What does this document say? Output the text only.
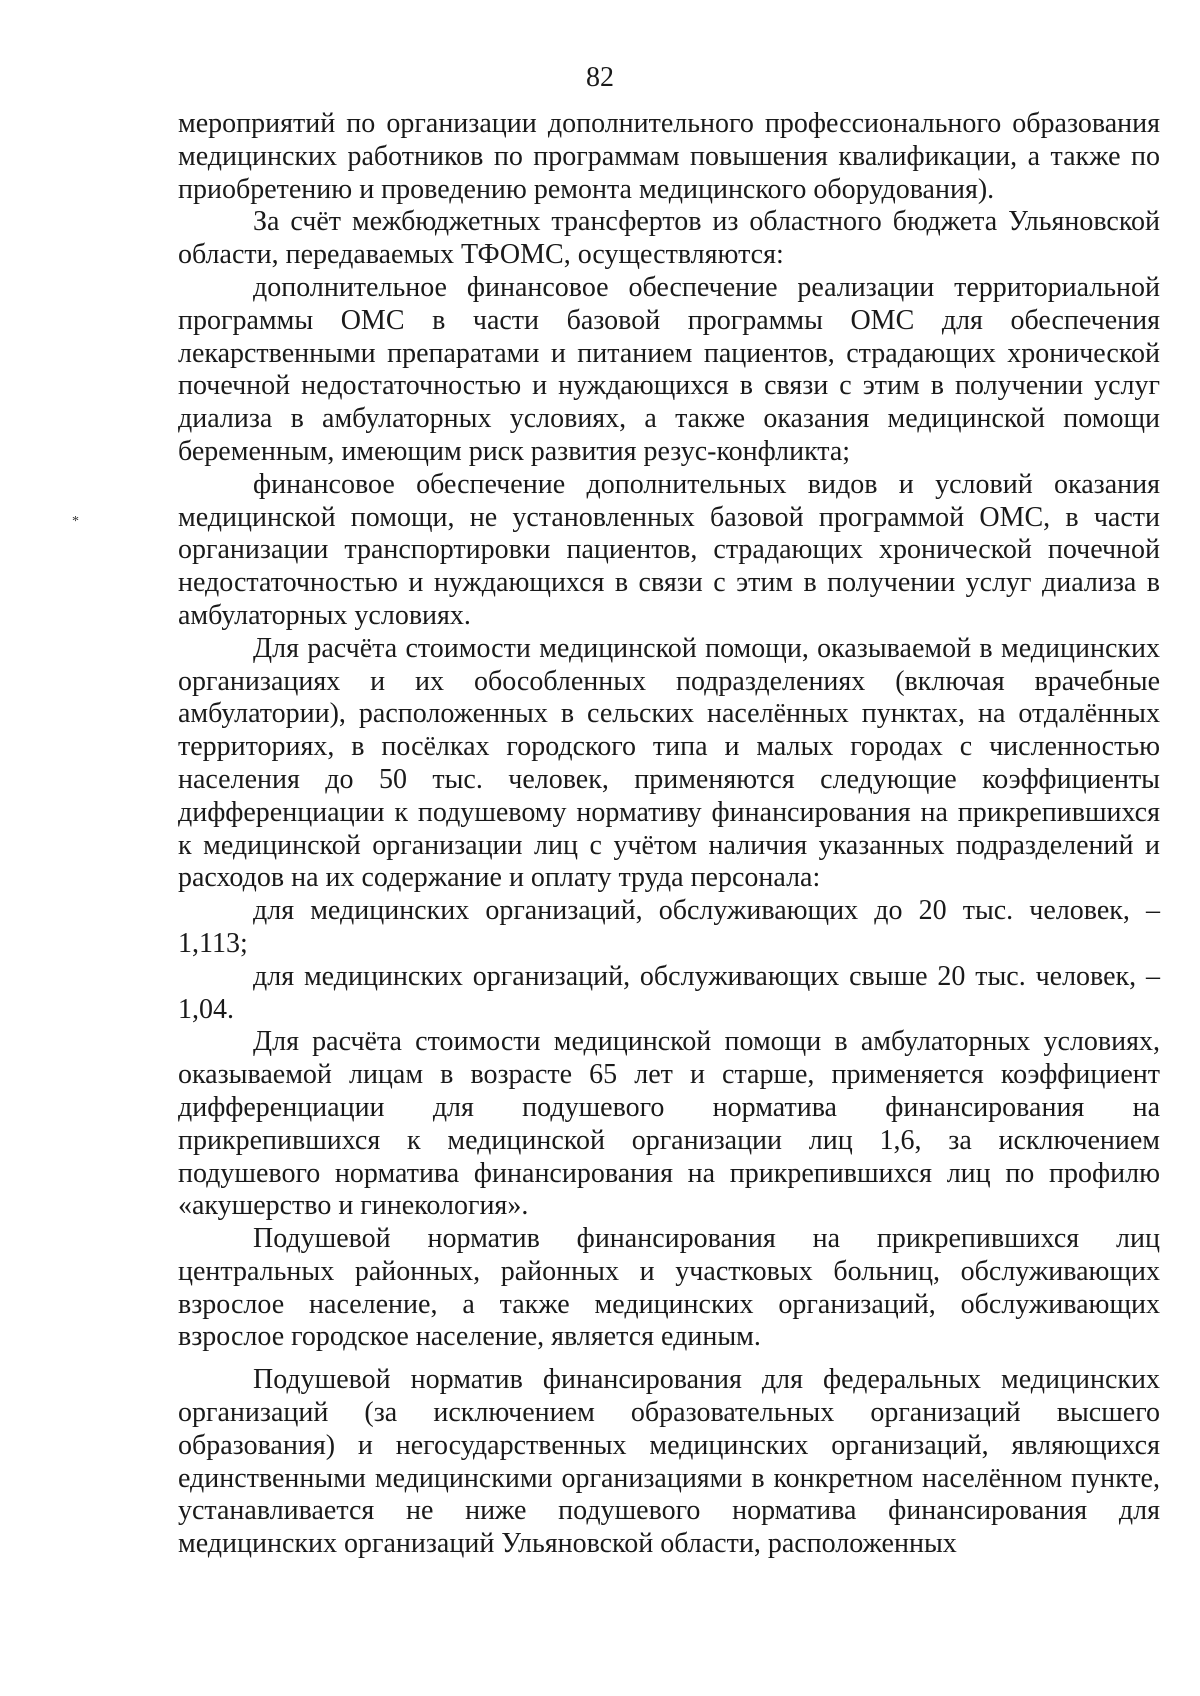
82
*

мероприятий по организации дополнительного профессионального образования медицинских работников по программам повышения квалификации, а также по приобретению и проведению ремонта медицинского оборудования).

За счёт межбюджетных трансфертов из областного бюджета Ульяновской области, передаваемых ТФОМС, осуществляются:

дополнительное финансовое обеспечение реализации территориальной программы ОМС в части базовой программы ОМС для обеспечения лекарственными препаратами и питанием пациентов, страдающих хронической почечной недостаточностью и нуждающихся в связи с этим в получении услуг диализа в амбулаторных условиях, а также оказания медицинской помощи беременным, имеющим риск развития резус-конфликта;

финансовое обеспечение дополнительных видов и условий оказания медицинской помощи, не установленных базовой программой ОМС, в части организации транспортировки пациентов, страдающих хронической почечной недостаточностью и нуждающихся в связи с этим в получении услуг диализа в амбулаторных условиях.

Для расчёта стоимости медицинской помощи, оказываемой в медицинских организациях и их обособленных подразделениях (включая врачебные амбулатории), расположенных в сельских населённых пунктах, на отдалённых территориях, в посёлках городского типа и малых городах с численностью населения до 50 тыс. человек, применяются следующие коэффициенты дифференциации к подушевому нормативу финансирования на прикрепившихся к медицинской организации лиц с учётом наличия указанных подразделений и расходов на их содержание и оплату труда персонала:

для медицинских организаций, обслуживающих до 20 тыс. человек, – 1,113;

для медицинских организаций, обслуживающих свыше 20 тыс. человек, – 1,04.

Для расчёта стоимости медицинской помощи в амбулаторных условиях, оказываемой лицам в возрасте 65 лет и старше, применяется коэффициент дифференциации для подушевого норматива финансирования на прикрепившихся к медицинской организации лиц 1,6, за исключением подушевого норматива финансирования на прикрепившихся лиц по профилю «акушерство и гинекология».

Подушевой норматив финансирования на прикрепившихся лиц центральных районных, районных и участковых больниц, обслуживающих взрослое население, а также медицинских организаций, обслуживающих взрослое городское население, является единым.

Подушевой норматив финансирования для федеральных медицинских организаций (за исключением образовательных организаций высшего образования) и негосударственных медицинских организаций, являющихся единственными медицинскими организациями в конкретном населённом пункте, устанавливается не ниже подушевого норматива финансирования для медицинских организаций Ульяновской области, расположенных
